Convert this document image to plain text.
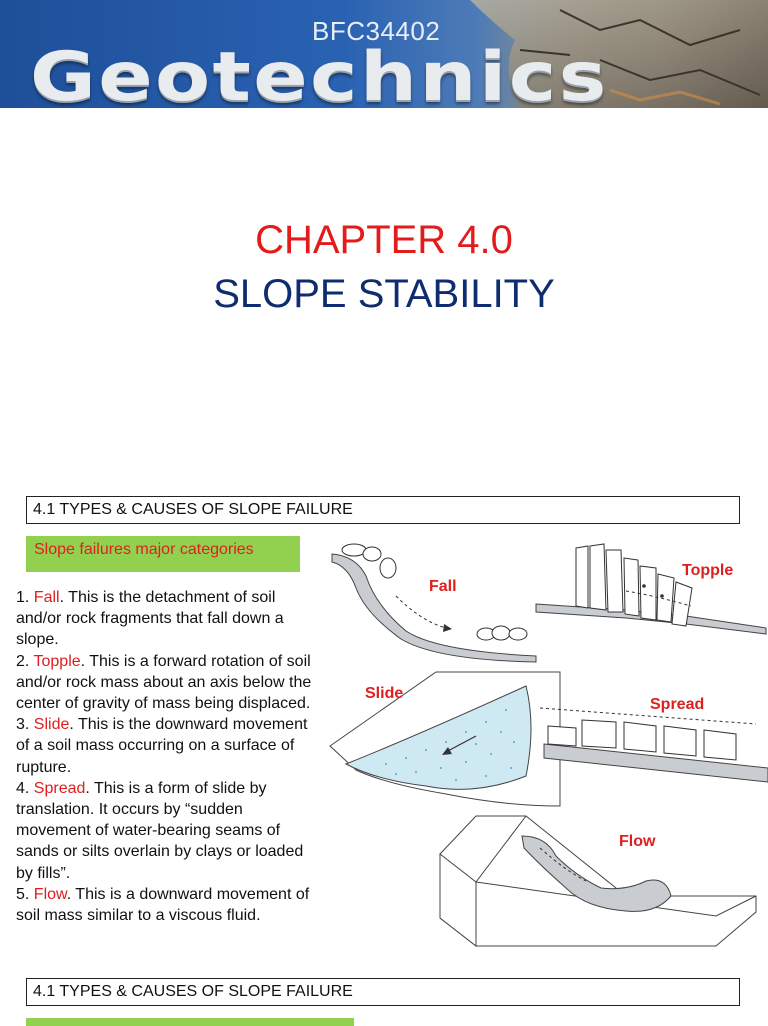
BFC34402
Geotechnics
CHAPTER 4.0
SLOPE STABILITY
4.1 TYPES & CAUSES OF SLOPE FAILURE
Slope failures major categories
1. Fall. This is the detachment of soil and/or rock fragments that fall down a slope.
2. Topple. This is a forward rotation of soil and/or rock mass about an axis below the center of gravity of mass being displaced.
3. Slide. This is the downward movement of a soil mass occurring on a surface of rupture.
4. Spread. This is a form of slide by translation. It occurs by “sudden movement of water-bearing seams of sands or silts overlain by clays or loaded by fills”.
5. Flow. This is a downward movement of soil mass similar to a viscous fluid.
Fall
Topple
Slide
Spread
Flow
4.1 TYPES & CAUSES OF SLOPE FAILURE
